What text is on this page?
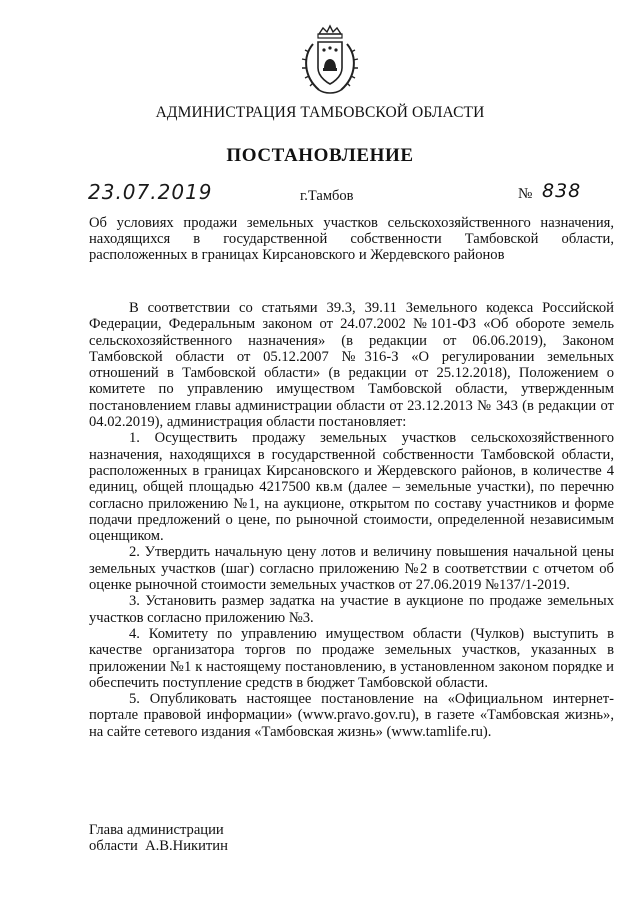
АДМИНИСТРАЦИЯ ТАМБОВСКОЙ ОБЛАСТИ
ПОСТАНОВЛЕНИЕ
23.07.2019	г.Тамбов	№ 838
Об условиях продажи земельных участков сельскохозяйственного назначения, находящихся в государственной собственности Тамбовской области, расположенных в границах Кирсановского и Жердевского районов

В соответствии со статьями 39.3, 39.11 Земельного кодекса Российской Федерации, Федеральным законом от 24.07.2002 №101-ФЗ «Об обороте земель сельскохозяйственного назначения» (в редакции от 06.06.2019), Законом Тамбовской области от 05.12.2007 №316-З «О регулировании земельных отношений в Тамбовской области» (в редакции от 25.12.2018), Положением о комитете по управлению имуществом Тамбовской области, утвержденным постановлением главы администрации области от 23.12.2013 № 343 (в редакции от 04.02.2019), администрация области постановляет:

1. Осуществить продажу земельных участков сельскохозяйственного назначения, находящихся в государственной собственности Тамбовской области, расположенных в границах Кирсановского и Жердевского районов, в количестве 4 единиц, общей площадью 4217500 кв.м (далее – земельные участки), по перечню согласно приложению №1, на аукционе, открытом по составу участников и форме подачи предложений о цене, по рыночной стоимости, определенной независимым оценщиком.

2. Утвердить начальную цену лотов и величину повышения начальной цены земельных участков (шаг) согласно приложению №2 в соответствии с отчетом об оценке рыночной стоимости земельных участков от 27.06.2019 №137/1-2019.

3. Установить размер задатка на участие в аукционе по продаже земельных участков согласно приложению №3.

4. Комитету по управлению имуществом области (Чулков) выступить в качестве организатора торгов по продаже земельных участков, указанных в приложении №1 к настоящему постановлению, в установленном законом порядке и обеспечить поступление средств в бюджет Тамбовской области.

5. Опубликовать настоящее постановление на «Официальном интернет-портале правовой информации» (www.pravo.gov.ru), в газете «Тамбовская жизнь», на сайте сетевого издания «Тамбовская жизнь» (www.tamlife.ru).

Глава администрации
области  А.В.Никитин
